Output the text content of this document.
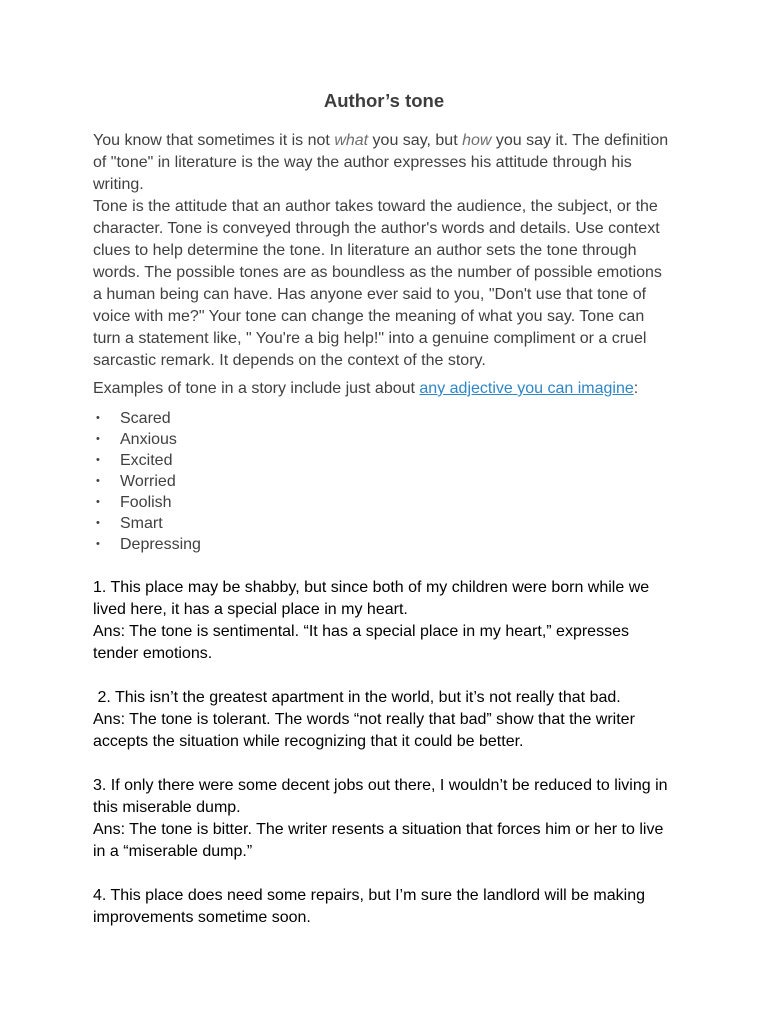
Author’s tone

You know that sometimes it is not what you say, but how you say it. The definition of "tone" in literature is the way the author expresses his attitude through his writing.

Tone is the attitude that an author takes toward the audience, the subject, or the character. Tone is conveyed through the author's words and details. Use context clues to help determine the tone. In literature an author sets the tone through words. The possible tones are as boundless as the number of possible emotions a human being can have. Has anyone ever said to you, "Don't use that tone of voice with me?" Your tone can change the meaning of what you say. Tone can turn a statement like, " You're a big help!" into a genuine compliment or a cruel sarcastic remark. It depends on the context of the story.

Examples of tone in a story include just about any adjective you can imagine:

• Scared
• Anxious
• Excited
• Worried
• Foolish
• Smart
• Depressing

1. This place may be shabby, but since both of my children were born while we lived here, it has a special place in my heart.

Ans: The tone is sentimental. “It has a special place in my heart,” expresses tender emotions.

2. This isn’t the greatest apartment in the world, but it’s not really that bad.

Ans: The tone is tolerant. The words “not really that bad” show that the writer accepts the situation while recognizing that it could be better.

3. If only there were some decent jobs out there, I wouldn’t be reduced to living in this miserable dump.

Ans: The tone is bitter. The writer resents a situation that forces him or her to live in a “miserable dump.”

4. This place does need some repairs, but I’m sure the landlord will be making improvements sometime soon.
